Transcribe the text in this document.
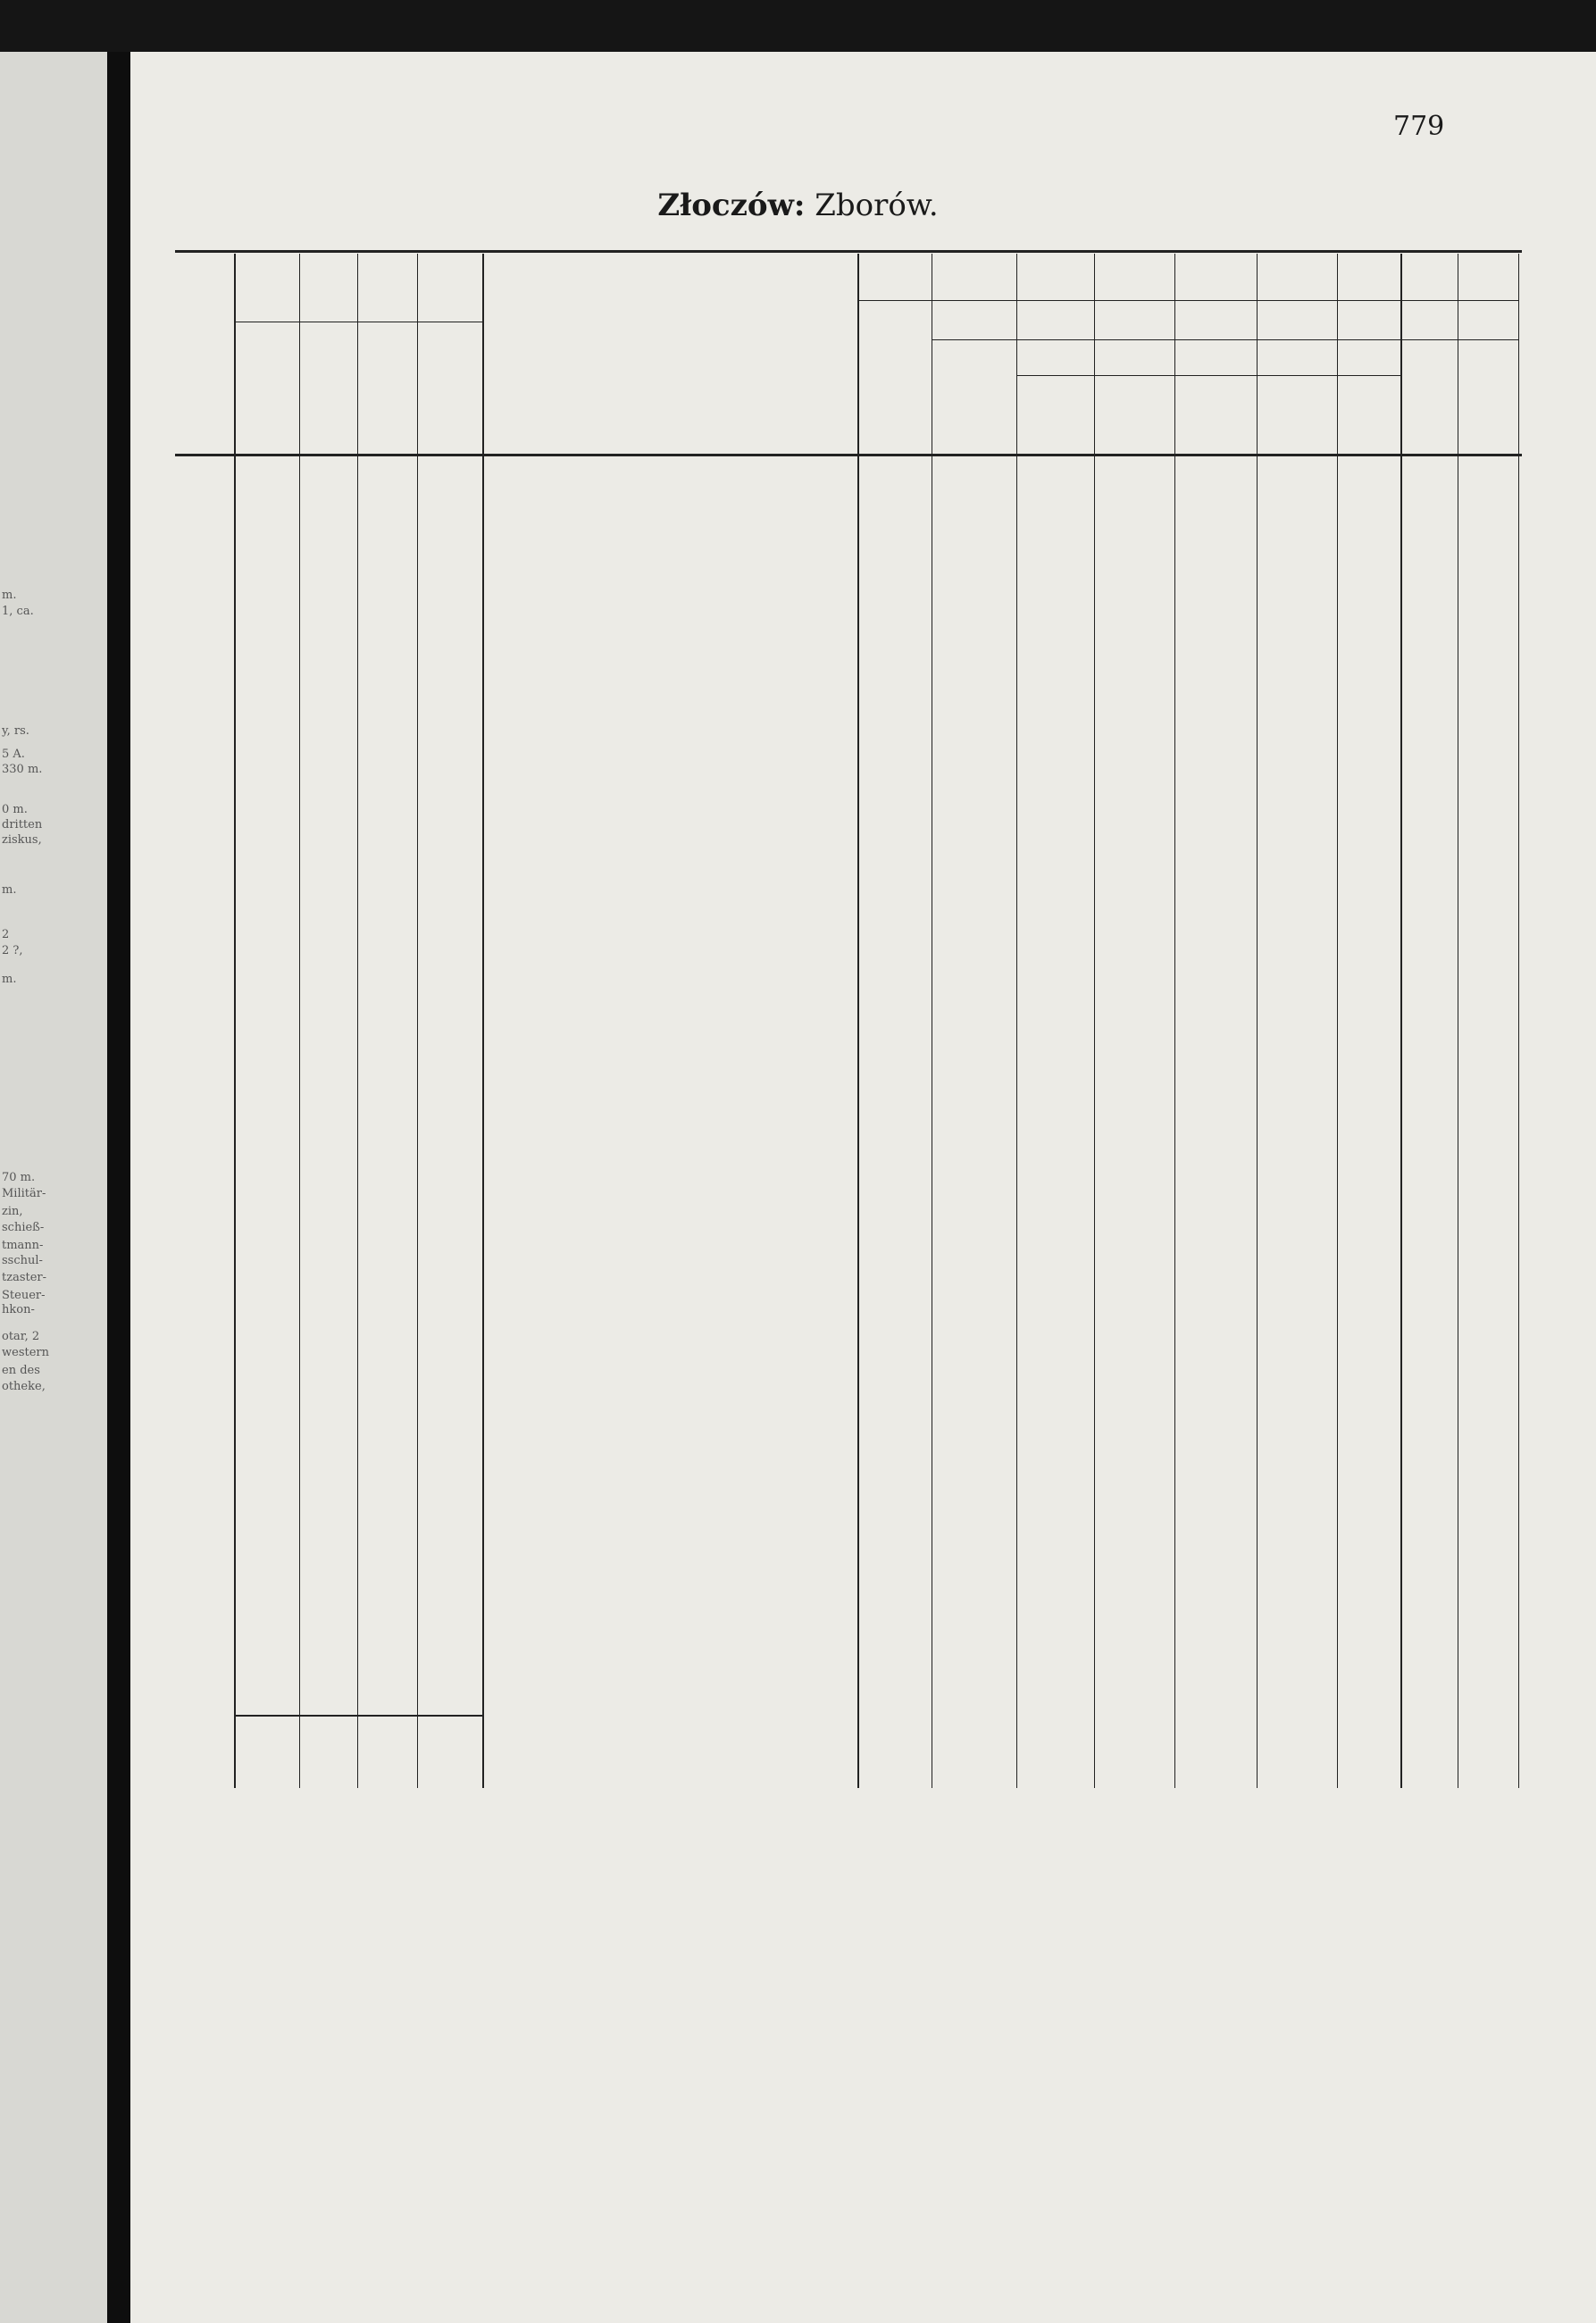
m.
1, ca.
y, rs.
5 A.
330 m.
0 m.
dritten
ziskus,
m.
2
2 ?,
m.
70 m.
Militär-
zin,
schieß-
tmann-
sschul-
tzaster-
Steuer-
hkon-
otar, 2
western
en des
otheke,
779
Złoczów: Zborów.
